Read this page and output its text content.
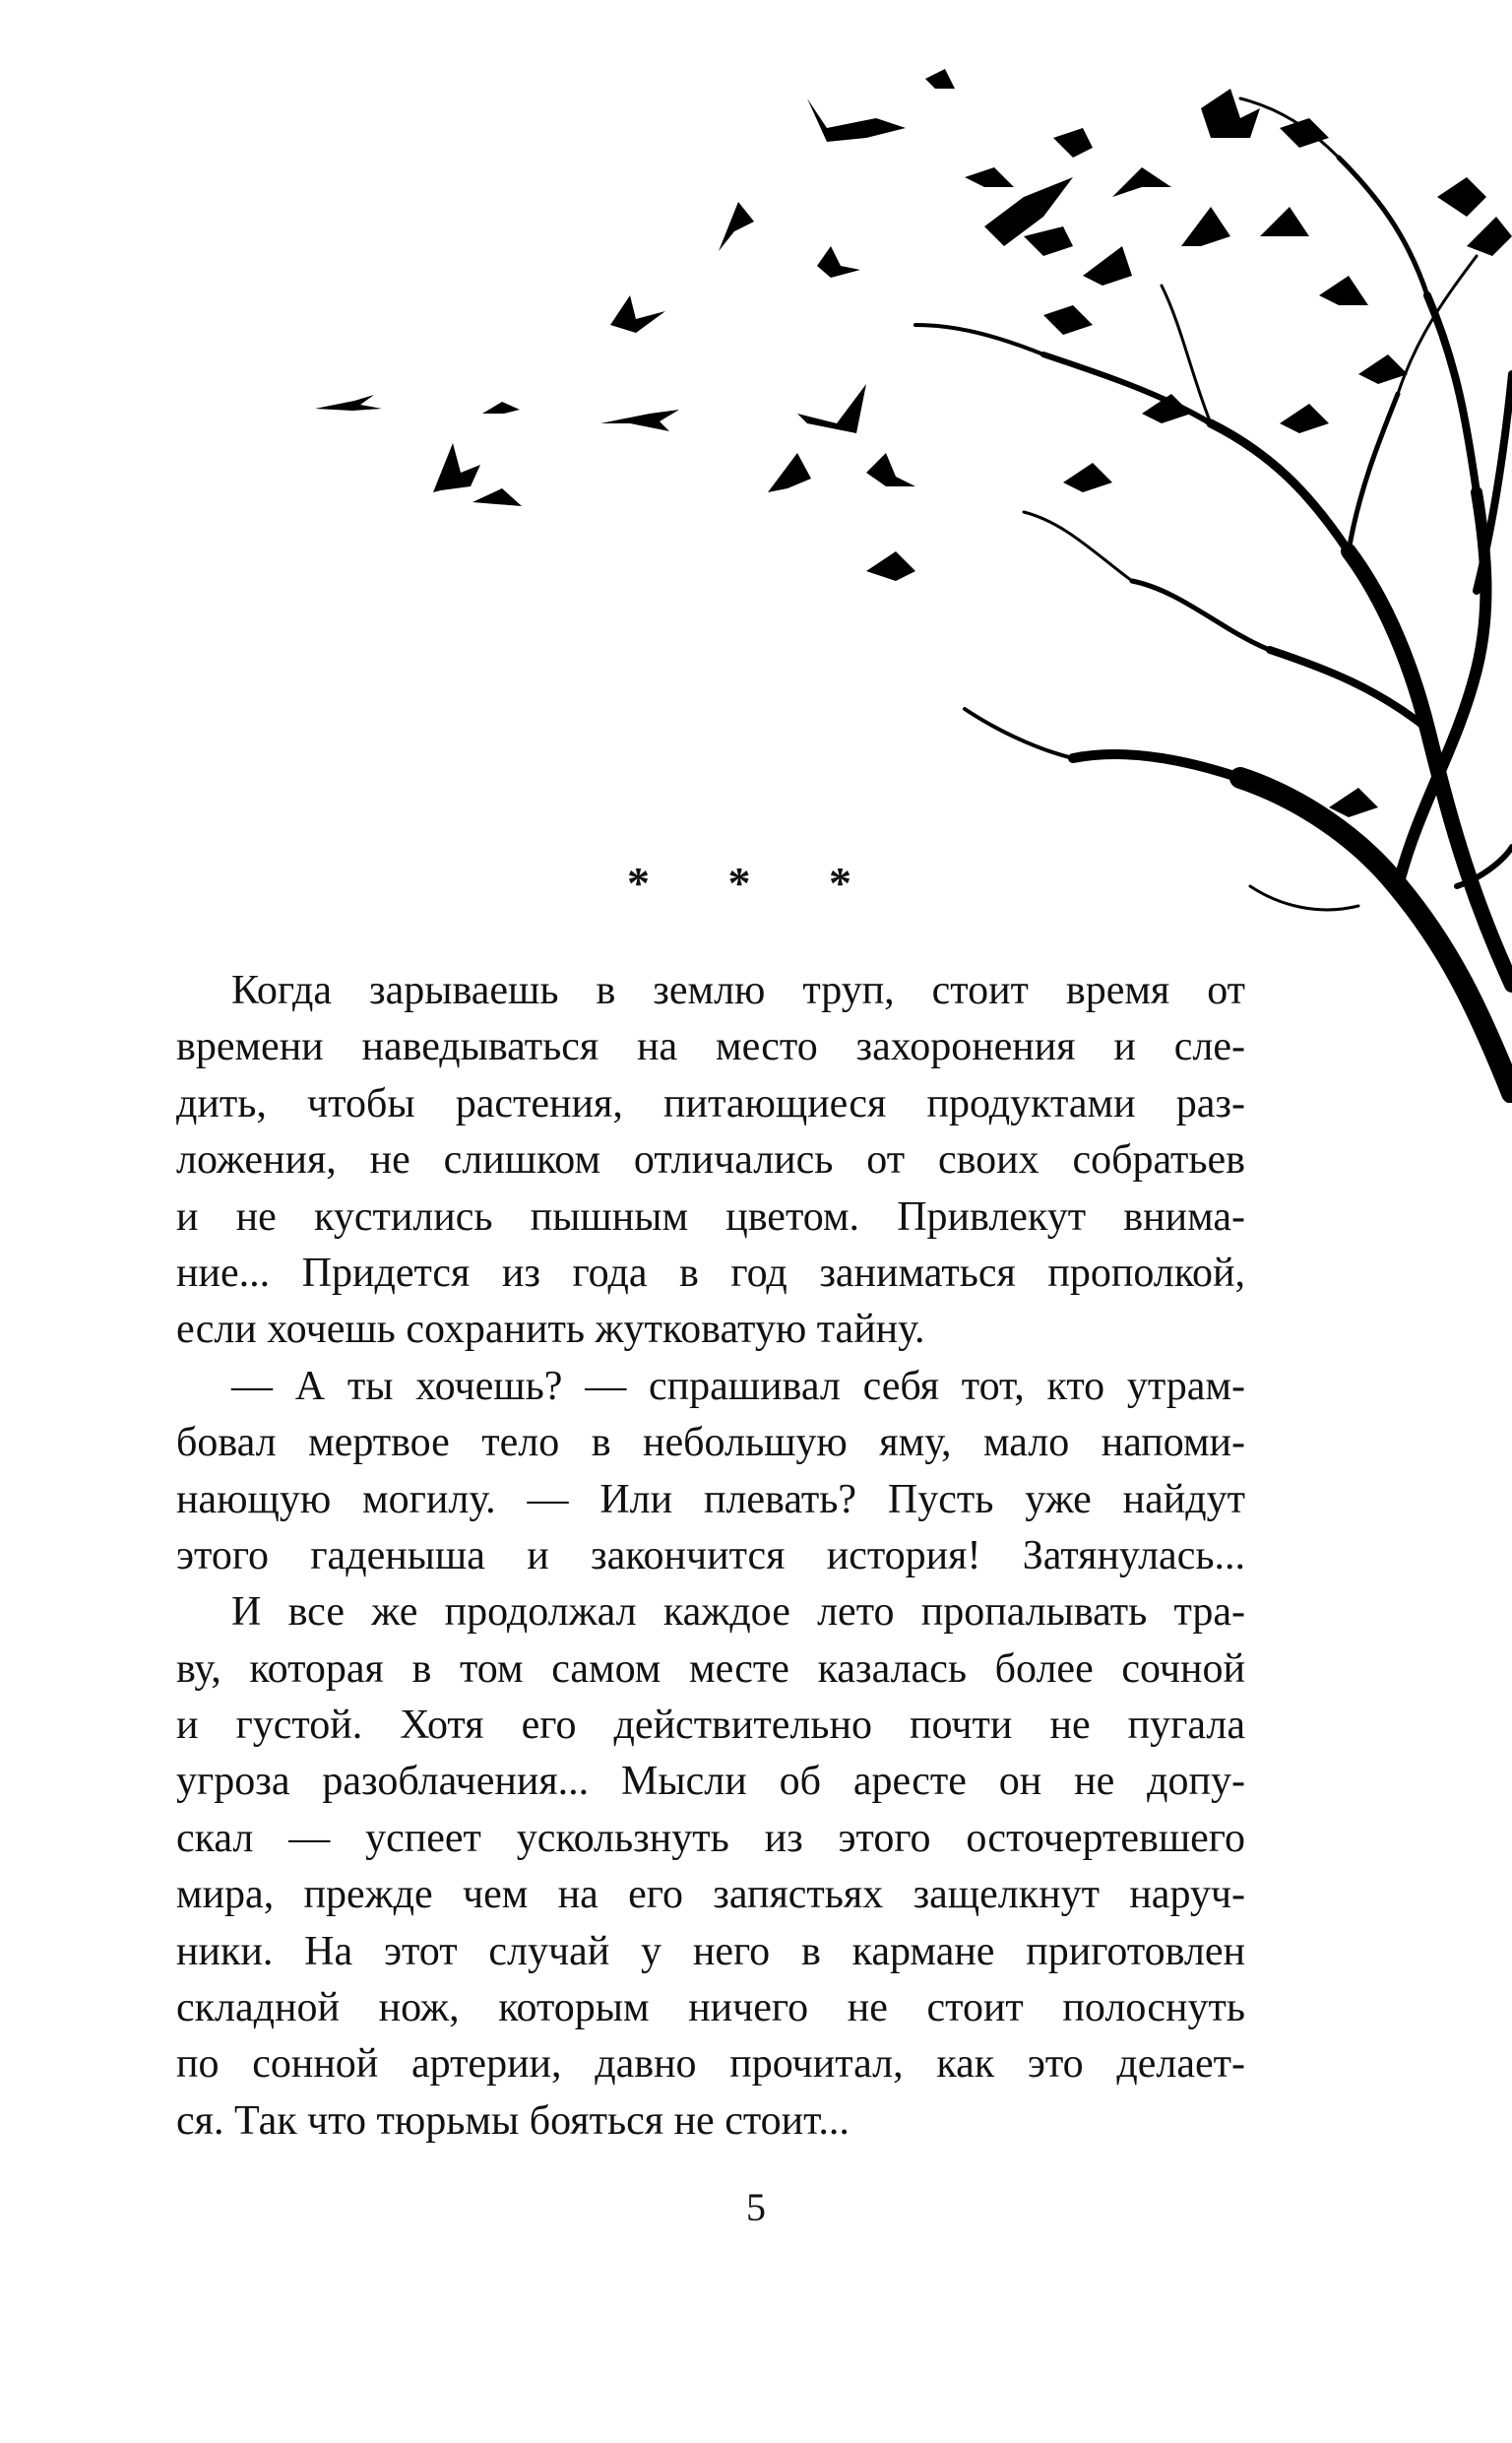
* * *
Когда зарываешь в землю труп, стоит время от
времени наведываться на место захоронения и сле-
дить, чтобы растения, питающиеся продуктами раз-
ложения, не слишком отличались от своих собратьев
и не кустились пышным цветом. Привлекут внима-
ние... Придется из года в год заниматься прополкой,
если хочешь сохранить жутковатую тайну.
— А ты хочешь? — спрашивал себя тот, кто утрам-
бовал мертвое тело в небольшую яму, мало напоми-
нающую могилу. — Или плевать? Пусть уже найдут
этого гаденыша и закончится история! Затянулась...
И все же продолжал каждое лето пропалывать тра-
ву, которая в том самом месте казалась более сочной
и густой. Хотя его действительно почти не пугала
угроза разоблачения... Мысли об аресте он не допу-
скал — успеет ускользнуть из этого осточертевшего
мира, прежде чем на его запястьях защелкнут наруч-
ники. На этот случай у него в кармане приготовлен
складной нож, которым ничего не стоит полоснуть
по сонной артерии, давно прочитал, как это делает-
ся. Так что тюрьмы бояться не стоит...
5
